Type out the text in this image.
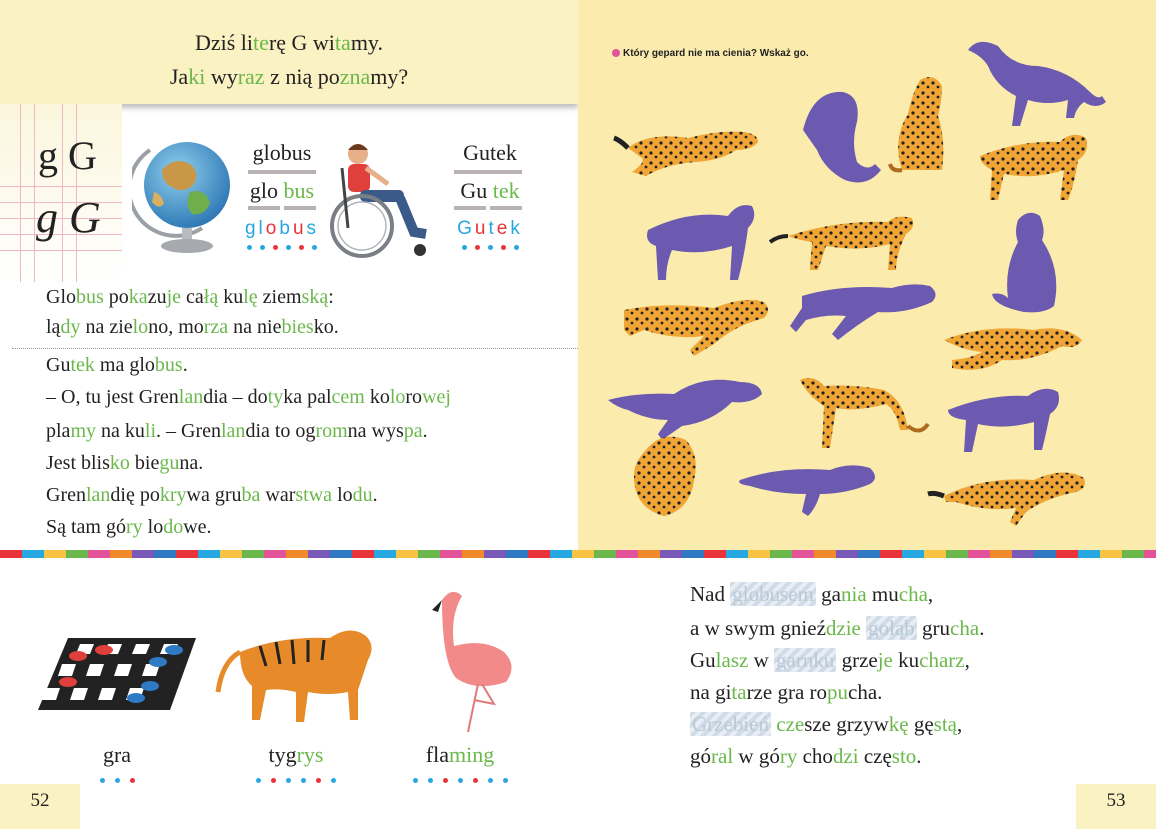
Dziś literę G witamy.
Jaki wyraz z nią poznamy?
g G
g G
globus
glo bus
globus
Gutek
Gu tek
Gutek
Globus pokazuje całą kulę ziemską:
lądy na zielono, morza na niebiesko.
Gutek ma globus.
– O, tu jest Grenlandia – dotyka palcem kolorowej
plamy na kuli. – Grenlandia to ogromna wyspa.
Jest blisko bieguna.
Grenlandię pokrywa gruba warstwa lodu.
Są tam góry lodowe.
Który gepard nie ma cienia? Wskaż go.
gra	tygrys	flaming
Nad globusem gania mucha,
a w swym gnieździe gołąb grucha.
Gulasz w garnku grzeje kucharz,
na gitarze gra ropucha.
Grzebień czesze grzywkę gęstą,
góral w góry chodzi często.
52	53
